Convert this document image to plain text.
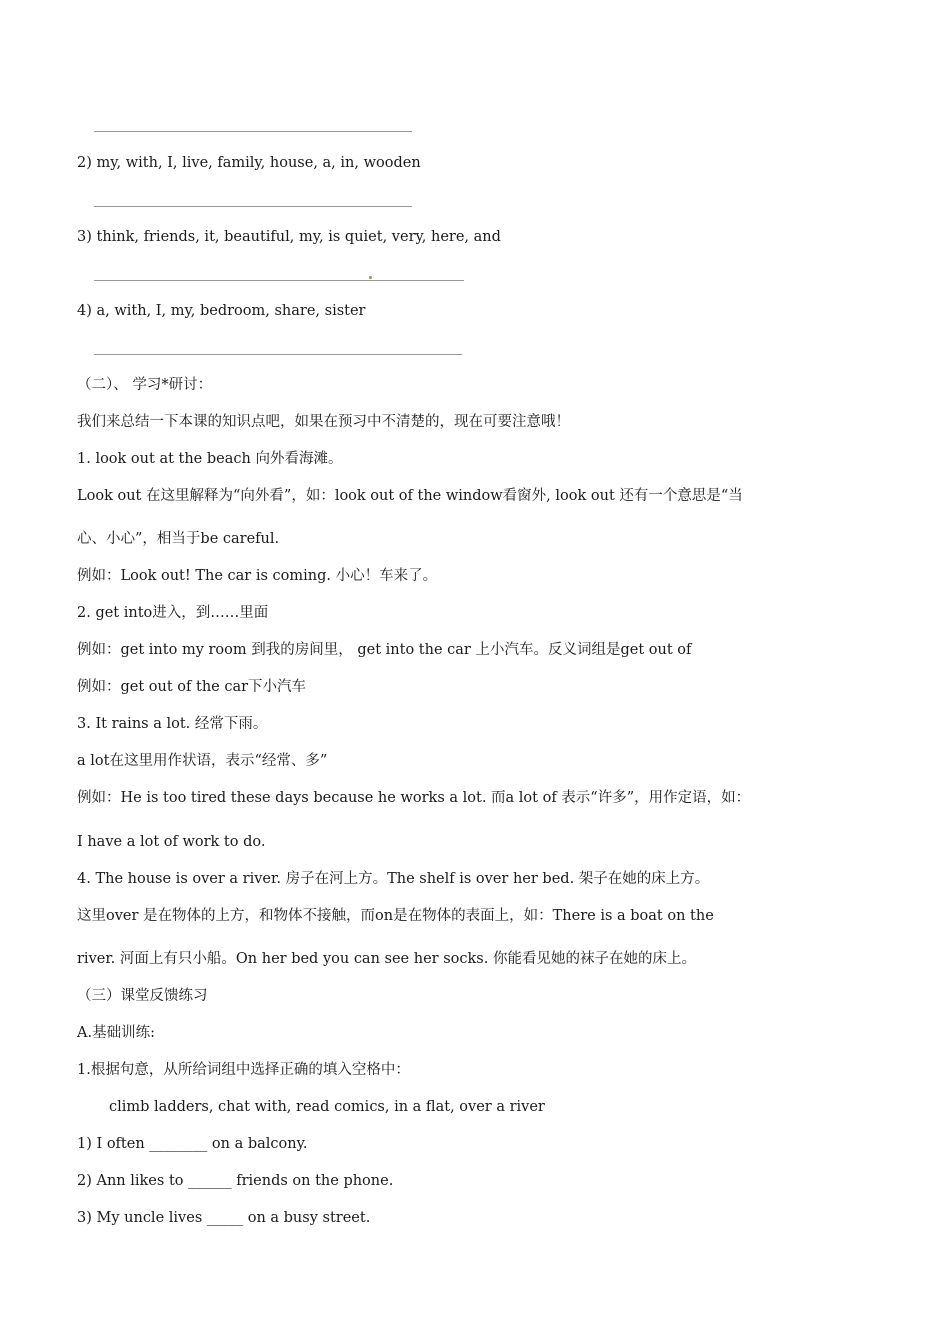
2) my, with, I, live, family, house, a, in, wooden
3) think, friends, it, beautiful, my, is quiet, very, here, and
4) a, with, I, my, bedroom, share, sister
（二）、 学习*研讨：
我们来总结一下本课的知识点吧，如果在预习中不清楚的，现在可要注意哦！
1. look out at the beach 向外看海滩。
Look out 在这里解释为“向外看”，如：look out of the window看窗外, look out 还有一个意思是“当
心、小心”，相当于be careful.
例如：Look out! The car is coming. 小心！车来了。
2. get into进入，到……里面
例如：get into my room 到我的房间里， get into the car 上小汽车。反义词组是get out of
例如：get out of the car下小汽车
3. It rains a lot. 经常下雨。
a lot在这里用作状语，表示“经常、多”
例如：He is too tired these days because he works a lot. 而a lot of 表示“许多”，用作定语，如：
I have a lot of work to do.
4. The house is over a river. 房子在河上方。The shelf is over her bed. 架子在她的床上方。
这里over 是在物体的上方，和物体不接触，而on是在物体的表面上，如：There is a boat on the
river. 河面上有只小船。On her bed you can see her socks. 你能看见她的袜子在她的床上。
（三）课堂反馈练习
A.基础训练:
1.根据句意，从所给词组中选择正确的填入空格中：
climb ladders, chat with, read comics, in a flat, over a river
1) I often ________ on a balcony.
2) Ann likes to ______ friends on the phone.
3) My uncle lives _____ on a busy street.
